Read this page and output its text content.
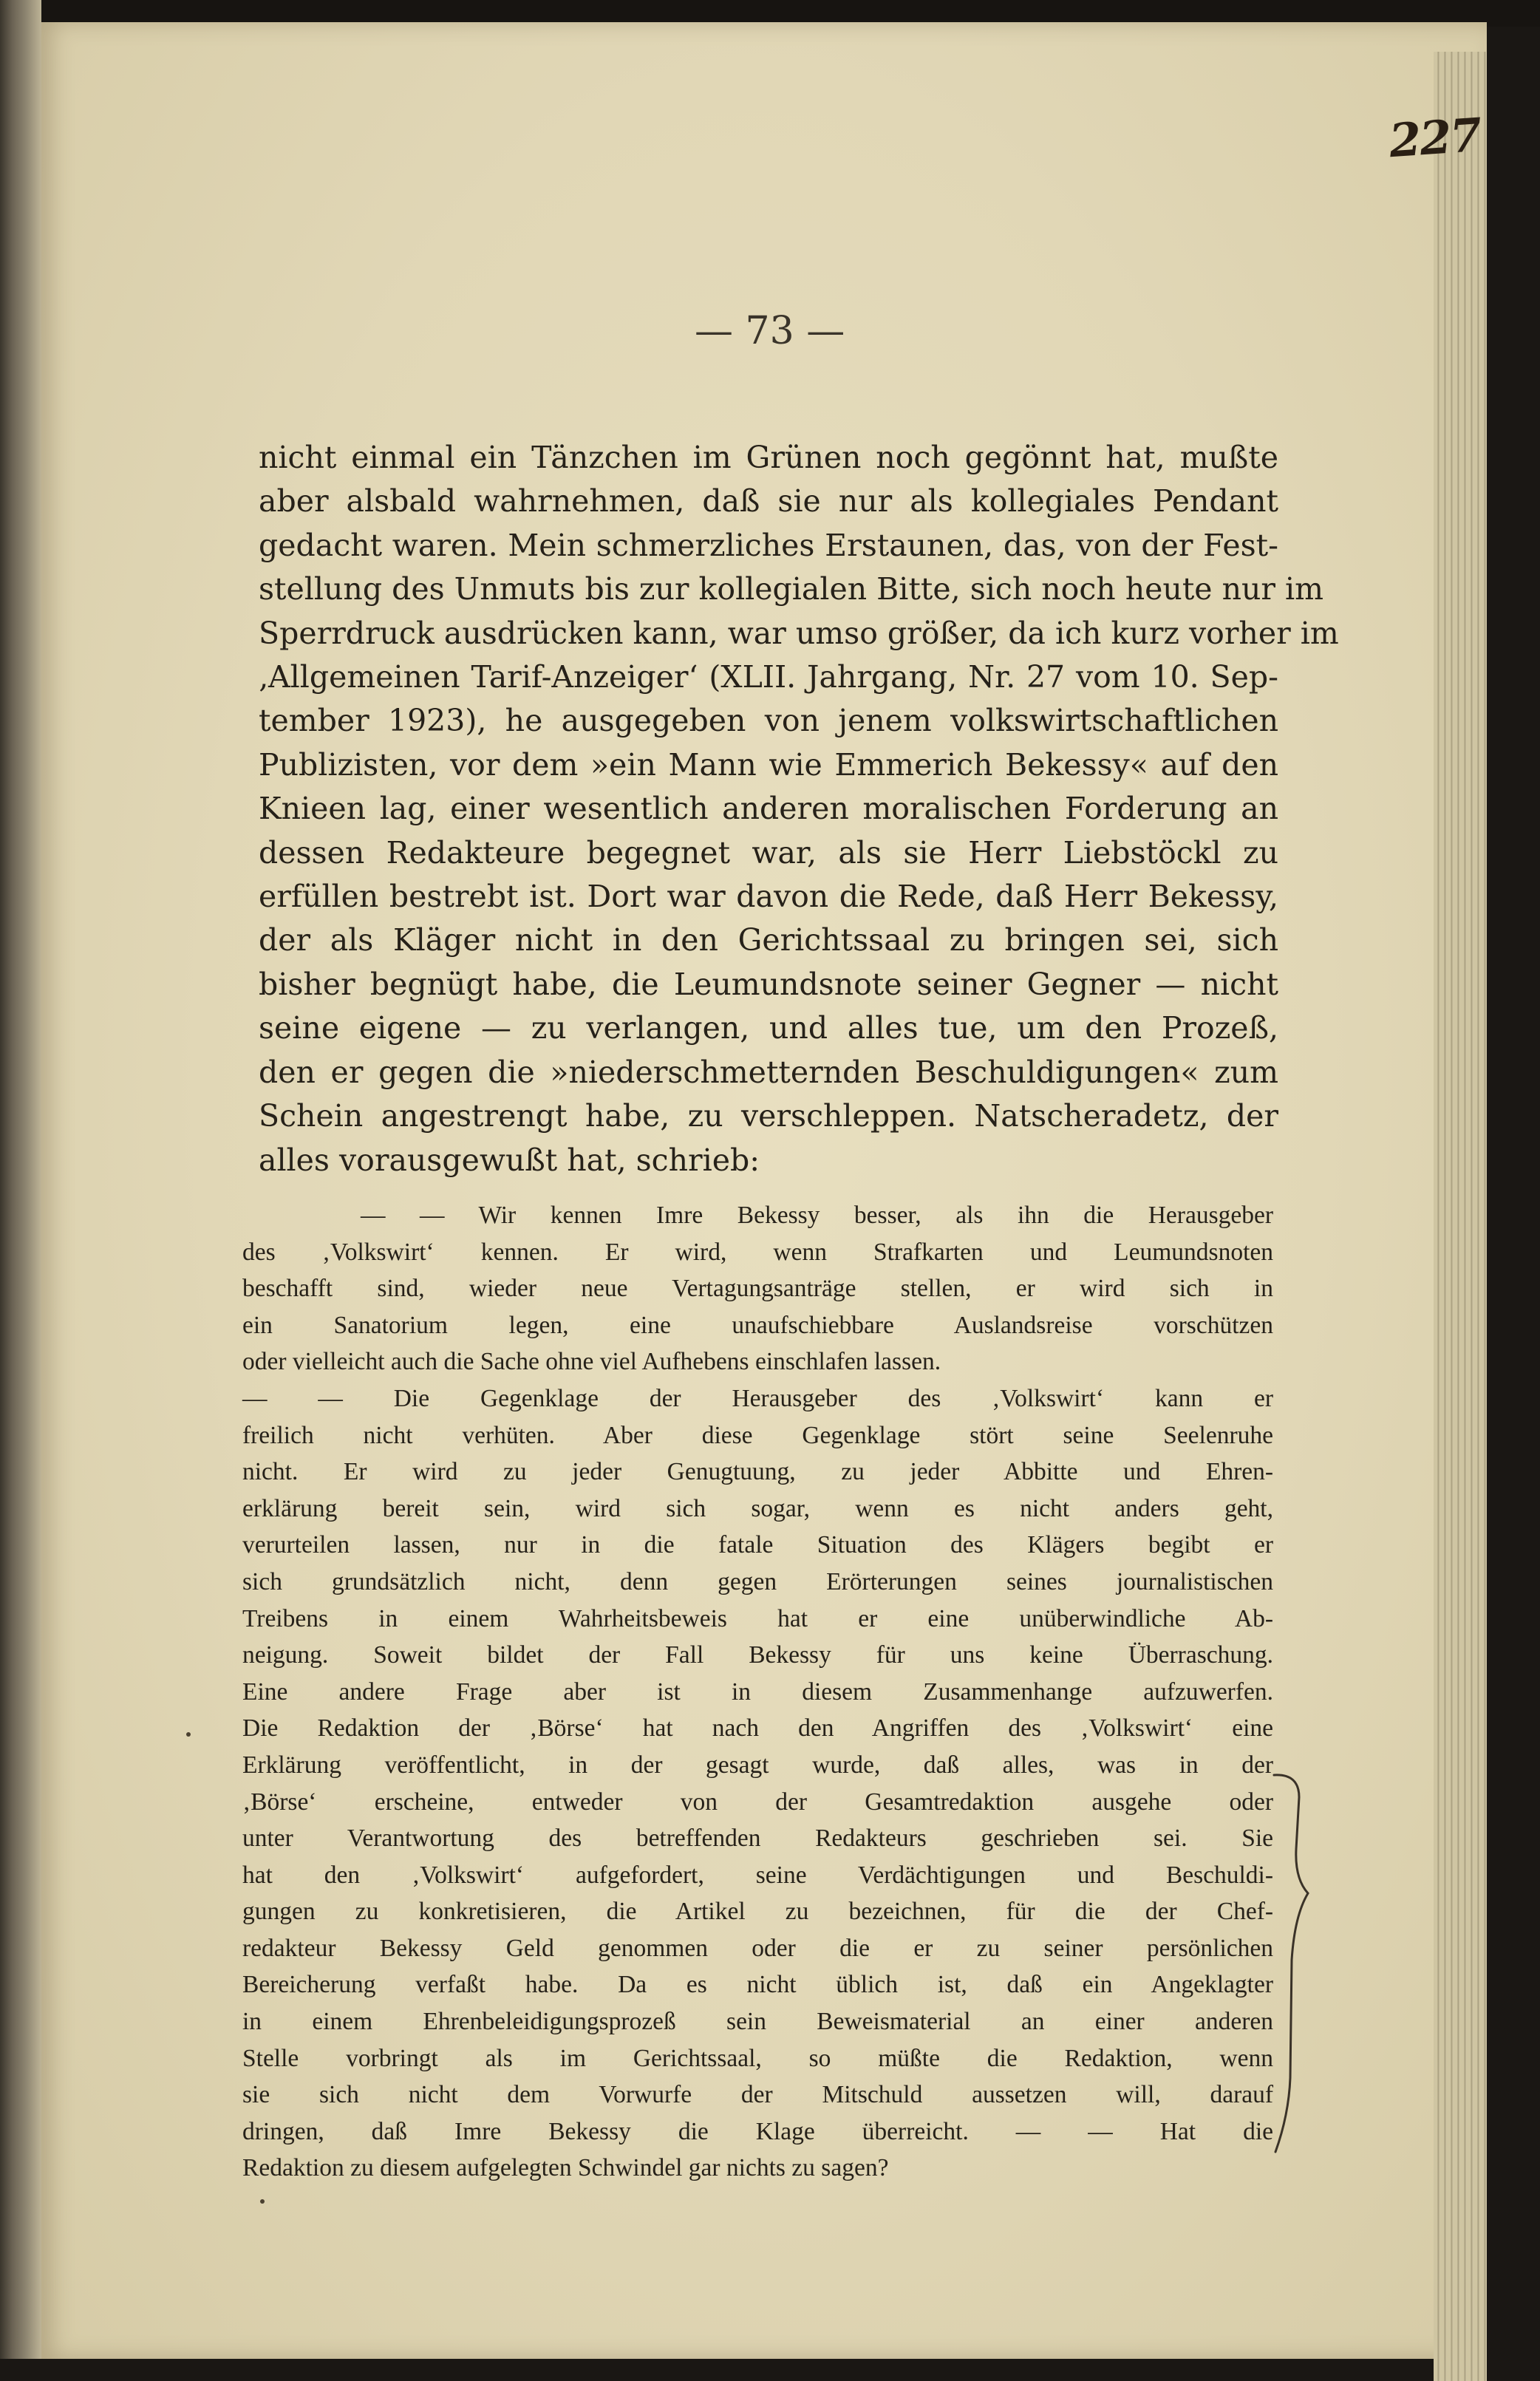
227
— 73 —
nicht einmal ein Tänzchen im Grünen noch gegönnt hat, mußte
aber alsbald wahrnehmen, daß sie nur als kollegiales Pendant
gedacht waren. Mein schmerzliches Erstaunen, das, von der Fest-
stellung des Unmuts bis zur kollegialen Bitte, sich noch heute nur im
Sperrdruck ausdrücken kann, war umso größer, da ich kurz vorher im
‚Allgemeinen Tarif-Anzeiger‘ (XLII. Jahrgang, Nr. 27 vom 10. Sep-
tember 1923), he ausgegeben von jenem volkswirtschaftlichen
Publizisten, vor dem »ein Mann wie Emmerich Bekessy« auf den
Knieen lag, einer wesentlich anderen moralischen Forderung an
dessen Redakteure begegnet war, als sie Herr Liebstöckl zu
erfüllen bestrebt ist. Dort war davon die Rede, daß Herr Bekessy,
der als Kläger nicht in den Gerichtssaal zu bringen sei, sich
bisher begnügt habe, die Leumundsnote seiner Gegner — nicht
seine eigene — zu verlangen, und alles tue, um den Prozeß,
den er gegen die »niederschmetternden Beschuldigungen« zum
Schein angestrengt habe, zu verschleppen. Natscheradetz, der
alles vorausgewußt hat, schrieb:
— — Wir kennen Imre Bekessy besser, als ihn die Herausgeber
des ‚Volkswirt‘ kennen. Er wird, wenn Strafkarten und Leumundsnoten
beschafft sind, wieder neue Vertagungsanträge stellen, er wird sich in
ein Sanatorium legen, eine unaufschiebbare Auslandsreise vorschützen
oder vielleicht auch die Sache ohne viel Aufhebens einschlafen lassen.
— — Die Gegenklage der Herausgeber des ‚Volkswirt‘ kann er
freilich nicht verhüten. Aber diese Gegenklage stört seine Seelenruhe
nicht. Er wird zu jeder Genugtuung, zu jeder Abbitte und Ehren-
erklärung bereit sein, wird sich sogar, wenn es nicht anders geht,
verurteilen lassen, nur in die fatale Situation des Klägers begibt er
sich grundsätzlich nicht, denn gegen Erörterungen seines journalistischen
Treibens in einem Wahrheitsbeweis hat er eine unüberwindliche Ab-
neigung. Soweit bildet der Fall Bekessy für uns keine Überraschung.
Eine andere Frage aber ist in diesem Zusammenhange aufzuwerfen.
Die Redaktion der ‚Börse‘ hat nach den Angriffen des ‚Volkswirt‘ eine
Erklärung veröffentlicht, in der gesagt wurde, daß alles, was in der
‚Börse‘ erscheine, entweder von der Gesamtredaktion ausgehe oder
unter Verantwortung des betreffenden Redakteurs geschrieben sei. Sie
hat den ‚Volkswirt‘ aufgefordert, seine Verdächtigungen und Beschuldi-
gungen zu konkretisieren, die Artikel zu bezeichnen, für die der Chef-
redakteur Bekessy Geld genommen oder die er zu seiner persönlichen
Bereicherung verfaßt habe. Da es nicht üblich ist, daß ein Angeklagter
in einem Ehrenbeleidigungsprozeß sein Beweismaterial an einer anderen
Stelle vorbringt als im Gerichtssaal, so müßte die Redaktion, wenn
sie sich nicht dem Vorwurfe der Mitschuld aussetzen will, darauf
dringen, daß Imre Bekessy die Klage überreicht. — — Hat die
Redaktion zu diesem aufgelegten Schwindel gar nichts zu sagen?
